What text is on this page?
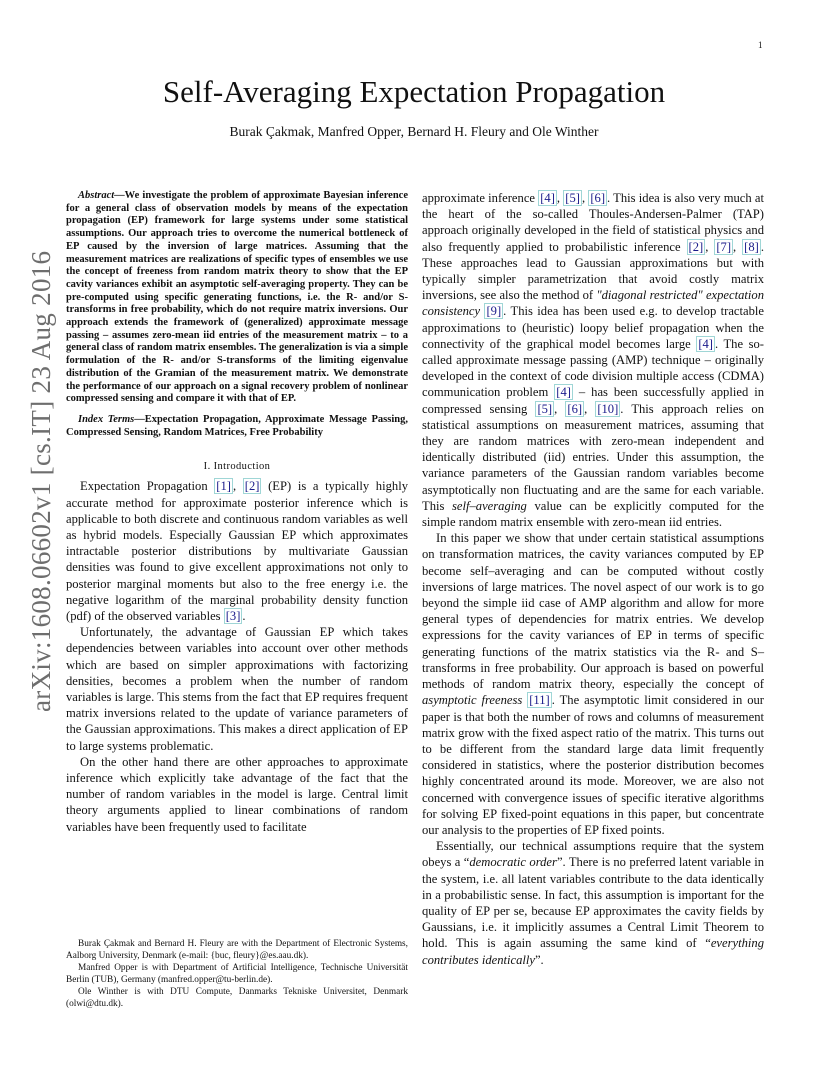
1
arXiv:1608.06602v1 [cs.IT] 23 Aug 2016
Self-Averaging Expectation Propagation
Burak Çakmak, Manfred Opper, Bernard H. Fleury and Ole Winther

Abstract—We investigate the problem of approximate Bayesian inference for a general class of observation models by means of the expectation propagation (EP) framework for large systems under some statistical assumptions. Our approach tries to overcome the numerical bottleneck of EP caused by the inversion of large matrices. Assuming that the measurement matrices are realizations of specific types of ensembles we use the concept of freeness from random matrix theory to show that the EP cavity variances exhibit an asymptotic self-averaging property. They can be pre-computed using specific generating functions, i.e. the R- and/or S-transforms in free probability, which do not require matrix inversions. Our approach extends the framework of (generalized) approximate message passing – assumes zero-mean iid entries of the measurement matrix – to a general class of random matrix ensembles. The generalization is via a simple formulation of the R- and/or S-transforms of the limiting eigenvalue distribution of the Gramian of the measurement matrix. We demonstrate the performance of our approach on a signal recovery problem of nonlinear compressed sensing and compare it with that of EP.

Index Terms—Expectation Propagation, Approximate Message Passing, Compressed Sensing, Random Matrices, Free Probability

I. Introduction

Expectation Propagation [1] , [2] (EP) is a typically highly accurate method for approximate posterior inference which is applicable to both discrete and continuous random variables as well as hybrid models. Especially Gaussian EP which approximates intractable posterior distributions by multivariate Gaussian densities was found to give excellent approximations not only to posterior marginal moments but also to the free energy i.e. the negative logarithm of the marginal probability density function (pdf) of the observed variables [3] .

Unfortunately, the advantage of Gaussian EP which takes dependencies between variables into account over other methods which are based on simpler approximations with factorizing densities, becomes a problem when the number of random variables is large. This stems from the fact that EP requires frequent matrix inversions related to the update of variance parameters of the Gaussian approximations. This makes a direct application of EP to large systems problematic.

On the other hand there are other approaches to approximate inference which explicitly take advantage of the fact that the number of random variables in the model is large. Central limit theory arguments applied to linear combinations of random variables have been frequently used to facilitate

approximate inference [4] , [5] , [6] . This idea is also very much at the heart of the so-called Thoules-Andersen-Palmer (TAP) approach originally developed in the field of statistical physics and also frequently applied to probabilistic inference [2] , [7] , [8] . These approaches lead to Gaussian approximations but with typically simpler parametrization that avoid costly matrix inversions, see also the method of "diagonal restricted" expectation consistency [9] . This idea has been used e.g. to develop tractable approximations to (heuristic) loopy belief propagation when the connectivity of the graphical model becomes large [4] . The so-called approximate message passing (AMP) technique – originally developed in the context of code division multiple access (CDMA) communication problem [4] – has been successfully applied in compressed sensing [5] , [6] , [10] . This approach relies on statistical assumptions on measurement matrices, assuming that they are random matrices with zero-mean independent and identically distributed (iid) entries. Under this assumption, the variance parameters of the Gaussian random variables become asymptotically non fluctuating and are the same for each variable. This self–averaging value can be explicitly computed for the simple random matrix ensemble with zero-mean iid entries.

In this paper we show that under certain statistical assumptions on transformation matrices, the cavity variances computed by EP become self–averaging and can be computed without costly inversions of large matrices. The novel aspect of our work is to go beyond the simple iid case of AMP algorithm and allow for more general types of dependencies for matrix entries. We develop expressions for the cavity variances of EP in terms of specific generating functions of the matrix statistics via the R- and S–transforms in free probability. Our approach is based on powerful methods of random matrix theory, especially the concept of asymptotic freeness [11] . The asymptotic limit considered in our paper is that both the number of rows and columns of measurement matrix grow with the fixed aspect ratio of the matrix. This turns out to be different from the standard large data limit frequently considered in statistics, where the posterior distribution becomes highly concentrated around its mode. Moreover, we are also not concerned with convergence issues of specific iterative algorithms for solving EP fixed-point equations in this paper, but concentrate our analysis to the properties of EP fixed points.

Essentially, our technical assumptions require that the system obeys a “democratic order”. There is no preferred latent variable in the system, i.e. all latent variables contribute to the data identically in a probabilistic sense. In fact, this assumption is important for the quality of EP per se, because EP approximates the cavity fields by Gaussians, i.e. it implicitly assumes a Central Limit Theorem to hold. This is again assuming the same kind of “everything contributes identically”.

Burak Çakmak and Bernard H. Fleury are with the Department of Electronic Systems, Aalborg University, Denmark (e-mail: {buc, fleury}@es.aau.dk).

Manfred Opper is with Department of Artificial Intelligence, Technische Universität Berlin (TUB), Germany (manfred.opper@tu-berlin.de).

Ole Winther is with DTU Compute, Danmarks Tekniske Universitet, Denmark (olwi@dtu.dk).
